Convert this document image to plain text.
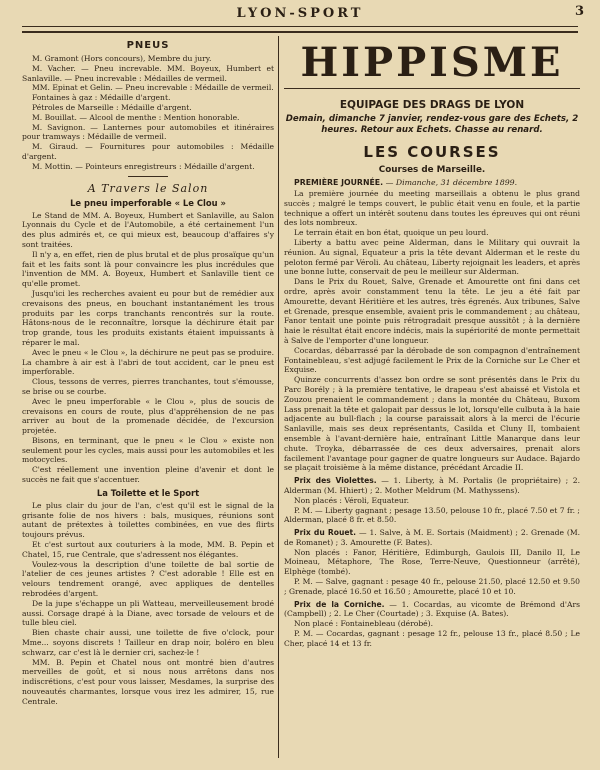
LYON-SPORT	3
PNEUS

M. Gramont (Hors concours), Membre du jury.

M. Vacher. — Pneu increvable. MM. Boyeux, Humbert et Sanlaville. — Pneu increvable : Médailles de vermeil.

MM. Epinat et Gelin. — Pneu increvable : Médaille de vermeil.

Fontaines à gaz : Médaille d'argent.

Pétroles de Marseille : Médaille d'argent.

M. Bouillat. — Alcool de menthe : Mention honorable.

M. Savignon. — Lanternes pour automobiles et itinéraires pour tramways : Médaille de vermeil.

M. Giraud. — Fournitures pour automobiles : Médaille d'argent.

M. Mottin. — Pointeurs enregistreurs : Médaille d'argent.

A Travers le Salon
Le pneu imperforable « Le Clou »

Le Stand de MM. A. Boyeux, Humbert et Sanlaville, au Salon Lyonnais du Cycle et de l'Automobile, a été certainement l'un des plus admirés et, ce qui mieux est, beaucoup d'affaires s'y sont traitées.

Il n'y a, en effet, rien de plus brutal et de plus prosaïque qu'un fait et les faits sont là pour convaincre les plus incrédules que l'invention de MM. A. Boyeux, Humbert et Sanlaville tient ce qu'elle promet.

Jusqu'ici les recherches avaient eu pour but de remédier aux crevaisons des pneus, en bouchant instantanément les trous produits par les corps tranchants rencontrés sur la route. Hâtons-nous de le reconnaître, lorsque la déchirure était par trop grande, tous les produits existants étaient impuissants à réparer le mal.

Avec le pneu « le Clou », la déchirure ne peut pas se produire. La chambre à air est à l'abri de tout accident, car le pneu est imperforable.

Clous, tessons de verres, pierres tranchantes, tout s'émousse, se brise ou se courbe.

Avec le pneu imperforable « le Clou », plus de soucis de crevaisons en cours de route, plus d'appréhension de ne pas arriver au bout de la promenade décidée, de l'excursion projetée.

Bisons, en terminant, que le pneu « le Clou » existe non seulement pour les cycles, mais aussi pour les automobiles et les motocycles.

C'est réellement une invention pleine d'avenir et dont le succès ne fait que s'accentuer.

La Toilette et le Sport

Le plus clair du jour de l'an, c'est qu'il est le signal de la grisante folie de nos hivers : bals, musiques, réunions sont autant de prétextes à toilettes combinées, en vue des flirts toujours prévus.

Et c'est surtout aux couturiers à la mode, MM. B. Pepin et Chatel, 15, rue Centrale, que s'adressent nos élégantes.

Voulez-vous la description d'une toilette de bal sortie de l'atelier de ces jeunes artistes ? C'est adorable ! Elle est en velours tendrement orangé, avec appliques de dentelles rebrodées d'argent.

De la jupe s'échappe un pli Watteau, merveilleusement brodé aussi. Corsage drapé à la Diane, avec torsade de velours et de tulle bleu ciel.

Bien chaste chair aussi, une toilette de five o'clock, pour Mme... soyons discrets ! Tailleur en drap noir, boléro en bleu schwarz, car c'est là le dernier cri, sachez-le !

MM. B. Pepin et Chatel nous ont montré bien d'autres merveilles de goût, et si nous nous arrêtons dans nos indiscrétions, c'est pour vous laisser, Mesdames, la surprise des nouveautés charmantes, lorsque vous irez les admirer, 15, rue Centrale.

HIPPISME
EQUIPAGE DES DRAGS DE LYON
Demain, dimanche 7 janvier, rendez-vous gare des Echets, 2 heures. Retour aux Echets. Chasse au renard.
LES COURSES
Courses de Marseille.

PREMIÈRE JOURNÉE. — Dimanche, 31 décembre 1899.

La première journée du meeting marseillais a obtenu le plus grand succès ; malgré le temps couvert, le public était venu en foule, et la partie technique a offert un intérêt soutenu dans toutes les épreuves qui ont réuni des lots nombreux.

Le terrain était en bon état, quoique un peu lourd.

Liberty a battu avec peine Alderman, dans le Military qui ouvrait la réunion. Au signal, Equateur a pris la tête devant Alderman et le reste du peloton fermé par Véroli. Au château, Liberty rejoignait les leaders, et après une bonne lutte, conservait de peu le meilleur sur Alderman.

Dans le Prix du Rouet, Salve, Grenade et Amourette ont fini dans cet ordre, après avoir constamment tenu la tête. Le jeu a été fait par Amourette, devant Héritière et les autres, très égrenés. Aux tribunes, Salve et Grenade, presque ensemble, avaient pris le commandement ; au château, Fanor tentait une pointe puis rétrogradait presque aussitôt ; à la dernière haie le résultat était encore indécis, mais la supériorité de monte permettait à Salve de l'emporter d'une longueur.

Cocardas, débarrassé par la dérobade de son compagnon d'entraînement Fontainebleau, s'est adjugé facilement le Prix de la Corniche sur Le Cher et Exquise.

Quinze concurrents d'assez bon ordre se sont présentés dans le Prix du Parc Borély ; à la première tentative, le drapeau s'est abaissé et Vistola et Zouzou prenaient le commandement ; dans la montée du Château, Buxom Lass prenait la tête et galopait par dessus le lot, lorsqu'elle culbuta à la haie adjacente au bull-flach ; la course paraissait alors à la merci de l'écurie Sanlaville, mais ses deux représentants, Casilda et Cluny II, tombaient ensemble à l'avant-dernière haie, entraînant Little Manarque dans leur chute. Troyka, débarrassée de ces deux adversaires, prenait alors facilement l'avantage pour gagner de quatre longueurs sur Audace. Bajardo se plaçait troisième à la même distance, précédant Arcadie II.

Prix des Violettes. — 1. Liberty, à M. Portalis (le propriétaire) ; 2. Alderman (M. Hhiert) ; 2. Mother Meldrum (M. Mathyssens).

Non placés : Véroli, Equateur.

P. M. — Liberty gagnant ; pesage 13.50, pelouse 10 fr., placé 7.50 et 7 fr. ; Alderman, placé 8 fr. et 8.50.

Prix du Rouet. — 1. Salve, à M. E. Sortais (Maidment) ; 2. Grenade (M. de Romanet) ; 3. Amourette (F. Bates).

Non placés : Fanor, Héritière, Edimburgh, Gaulois III, Danilo II, Le Moineau, Métaphore, The Rose, Terre-Neuve, Questionneur (arrêté), Elphège (tombé).

P. M. — Salve, gagnant : pesage 40 fr., pelouse 21.50, placé 12.50 et 9.50 ; Grenade, placé 16.50 et 16.50 ; Amourette, placé 10 et 10.

Prix de la Corniche. — 1. Cocardas, au vicomte de Brémond d'Ars (Campbell) ; 2. Le Cher (Courtade) ; 3. Exquise (A. Bates).

Non placé : Fontainebleau (dérobé).

P. M. — Cocardas, gagnant : pesage 12 fr., pelouse 13 fr., placé 8.50 ; Le Cher, placé 14 et 13 fr.
